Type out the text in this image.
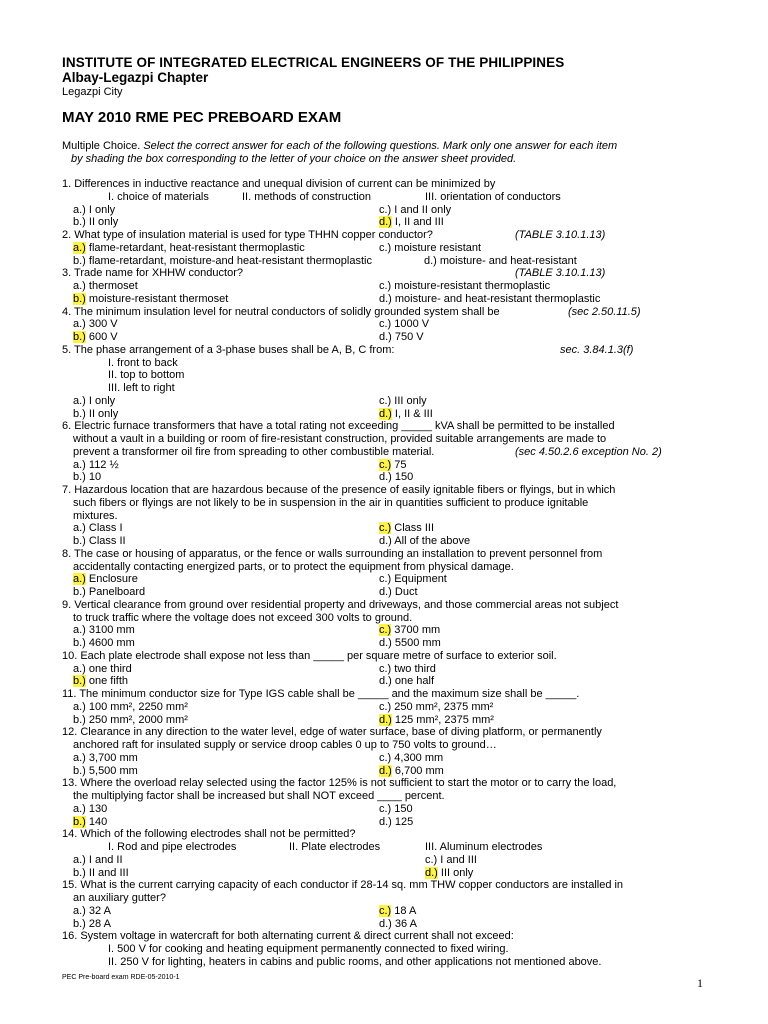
INSTITUTE OF INTEGRATED ELECTRICAL ENGINEERS OF THE PHILIPPINES
Albay-Legazpi Chapter
Legazpi City
MAY 2010 RME PEC PREBOARD EXAM
Multiple Choice. Select the correct answer for each of the following questions. Mark only one answer for each item
by shading the box corresponding to the letter of your choice on the answer sheet provided.
1. Differences in inductive reactance and unequal division of current can be minimized by
I. choice of materials	II. methods of construction	III. orientation of conductors
a.) I only	c.) I and II only
b.) II only	d.) I, II and III
2. What type of insulation material is used for type THHN copper conductor?	(TABLE 3.10.1.13)
a.) flame-retardant, heat-resistant thermoplastic	c.) moisture resistant
b.) flame-retardant, moisture-and heat-resistant thermoplastic	d.) moisture- and heat-resistant
3. Trade name for XHHW conductor?	(TABLE 3.10.1.13)
a.) thermoset	c.) moisture-resistant thermoplastic
b.) moisture-resistant thermoset	d.) moisture- and heat-resistant thermoplastic
4. The minimum insulation level for neutral conductors of solidly grounded system shall be	(sec 2.50.11.5)
a.) 300 V	c.) 1000 V
b.) 600 V	d.) 750 V
5. The phase arrangement of a 3-phase buses shall be A, B, C from:	sec. 3.84.1.3(f)
I. front to back
II. top to bottom
III. left to right
a.) I only	c.) III only
b.) II only	d.) I, II & III
6. Electric furnace transformers that have a total rating not exceeding _____ kVA shall be permitted to be installed
without a vault in a building or room of fire-resistant construction, provided suitable arrangements are made to
prevent a transformer oil fire from spreading to other combustible material.	(sec 4.50.2.6 exception No. 2)
a.) 112 ½	c.) 75
b.) 10	d.) 150
7. Hazardous location that are hazardous because of the presence of easily ignitable fibers or flyings, but in which
such fibers or flyings are not likely to be in suspension in the air in quantities sufficient to produce ignitable
mixtures.
a.) Class I	c.) Class III
b.) Class II	d.) All of the above
8. The case or housing of apparatus, or the fence or walls surrounding an installation to prevent personnel from
accidentally contacting energized parts, or to protect the equipment from physical damage.
a.) Enclosure	c.) Equipment
b.) Panelboard	d.) Duct
9. Vertical clearance from ground over residential property and driveways, and those commercial areas not subject
to truck traffic where the voltage does not exceed 300 volts to ground.
a.) 3100 mm	c.) 3700 mm
b.) 4600 mm	d.) 5500 mm
10. Each plate electrode shall expose not less than _____ per square metre of surface to exterior soil.
a.) one third	c.) two third
b.) one fifth	d.) one half
11. The minimum conductor size for Type IGS cable shall be _____ and the maximum size shall be _____.
a.) 100 mm², 2250 mm²	c.) 250 mm², 2375 mm²
b.) 250 mm², 2000 mm²	d.) 125 mm², 2375 mm²
12. Clearance in any direction to the water level, edge of water surface, base of diving platform, or permanently
anchored raft for insulated supply or service droop cables 0 up to 750 volts to ground…
a.) 3,700 mm	c.) 4,300 mm
b.) 5,500 mm	d.) 6,700 mm
13. Where the overload relay selected using the factor 125% is not sufficient to start the motor or to carry the load,
the multiplying factor shall be increased but shall NOT exceed ____ percent.
a.) 130	c.) 150
b.) 140	d.) 125
14. Which of the following electrodes shall not be permitted?
I. Rod and pipe electrodes	II. Plate electrodes	III. Aluminum electrodes
a.) I and II	c.) I and III
b.) II and III	d.) III only
15. What is the current carrying capacity of each conductor if 28-14 sq. mm THW copper conductors are installed in
an auxiliary gutter?
a.) 32 A	c.) 18 A
b.) 28 A	d.) 36 A
16. System voltage in watercraft for both alternating current & direct current shall not exceed:
I. 500 V for cooking and heating equipment permanently connected to fixed wiring.
II. 250 V for lighting, heaters in cabins and public rooms, and other applications not mentioned above.
PEC Pre-board exam RDE-05-2010-1	1
